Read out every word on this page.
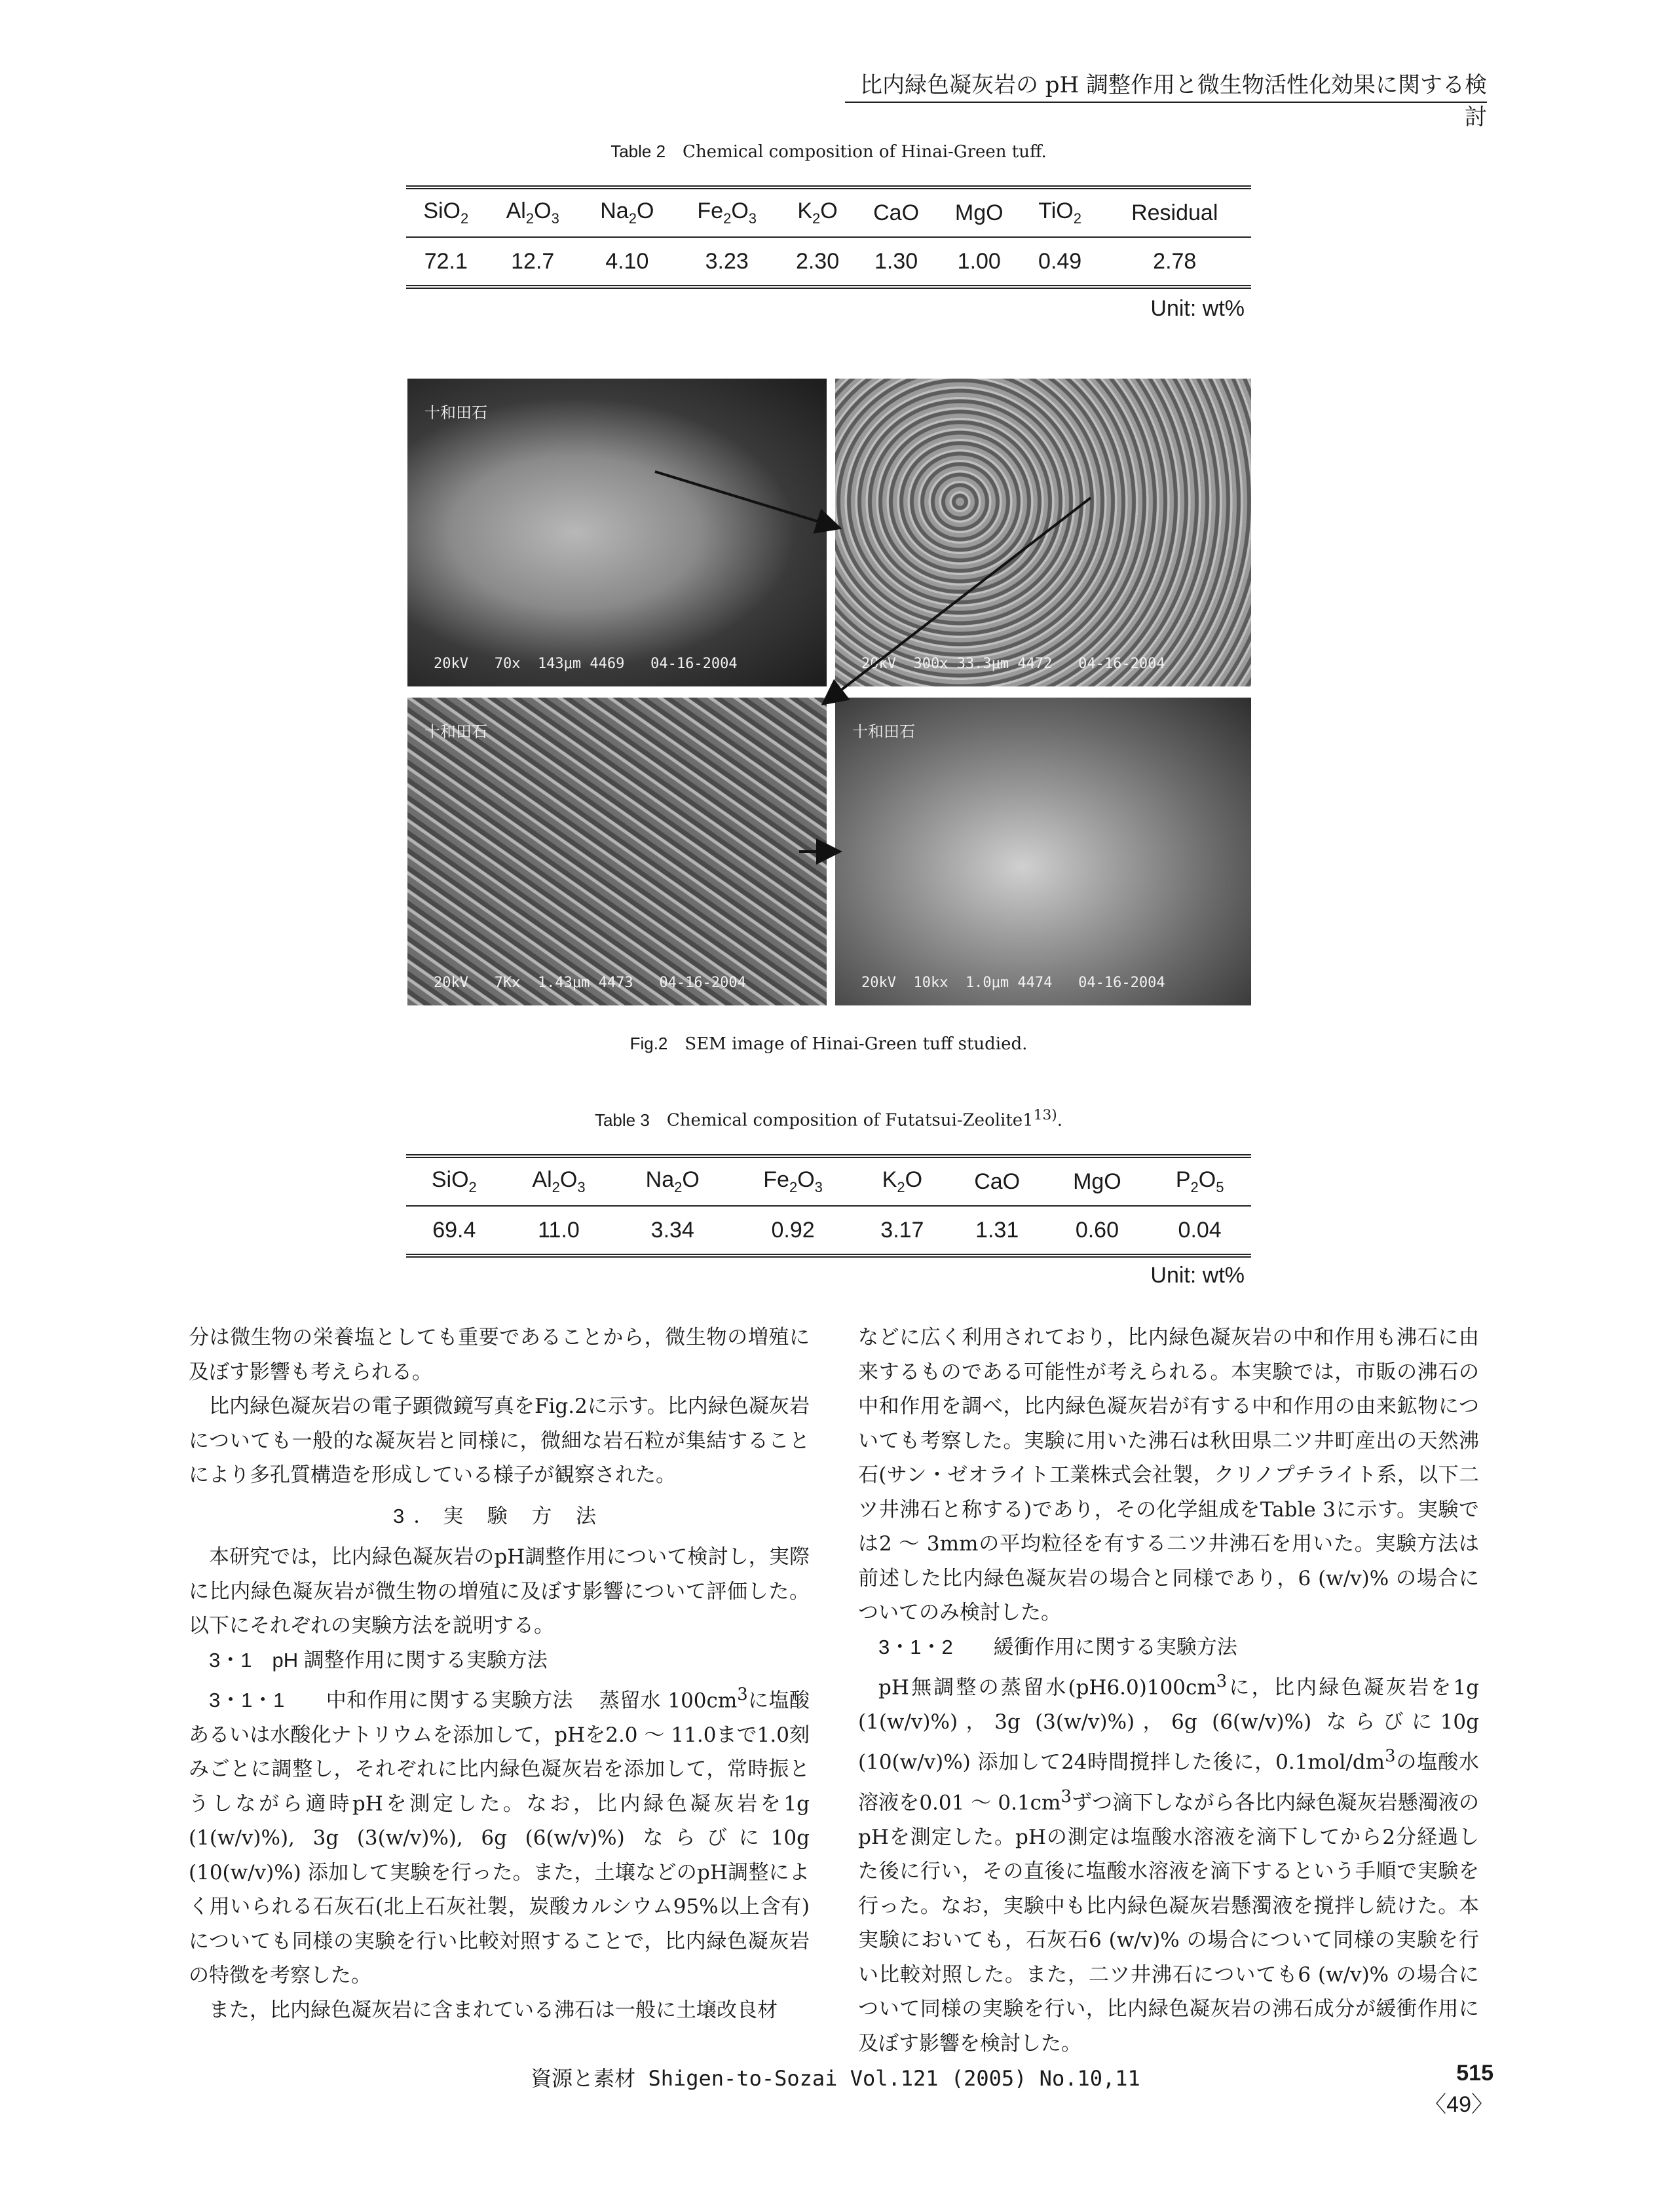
比内緑色凝灰岩の pH 調整作用と微生物活性化効果に関する検討
Table 2 Chemical composition of Hinai-Green tuff.
SiO$_2$	$Al_2O_3$	$Na_2O$	$Fe_2O_3$	$K_2O$	CaO	MgO	TiO$_2$	Residual
72.1	12.7	4.10	3.23	2.30	1.30	1.00	0.49	2.78
Unit: wt%
十和田石
20kV   70x  143μm 4469   04-16-2004	20kV  300x 33.3μm 4472   04-16-2004
十和田石
20kV   7Kx  1.43μm 4473   04-16-2004
十和田石
20kV  10kx  1.0μm 4474   04-16-2004
Fig.2 SEM image of Hinai-Green tuff studied.
Table 3 Chemical composition of Futatsui-Zeolite1$^{13)}$.
SiO$_2$	$Al_2O_3$	$Na_2O$	$Fe_2O_3$	$K_2O$	CaO	MgO	$P_2O_5$
69.4	11.0	3.34	0.92	3.17	1.31	0.60	0.04
Unit: wt%

分は微生物の栄養塩としても重要であることから，微生物の増殖に及ぼす影響も考えられる。

比内緑色凝灰岩の電子顕微鏡写真をFig.2に示す。比内緑色凝灰岩についても一般的な凝灰岩と同様に，微細な岩石粒が集結することにより多孔質構造を形成している様子が観察された。

3．実 験 方 法

本研究では，比内緑色凝灰岩のpH調整作用について検討し，実際に比内緑色凝灰岩が微生物の増殖に及ぼす影響について評価した。以下にそれぞれの実験方法を説明する。

3・1　pH 調整作用に関する実験方法

3・1・1　　中和作用に関する実験方法 蒸留水 $100cm^3$に塩酸あるいは水酸化ナトリウムを添加して，pHを2.0 〜 11.0まで1.0刻みごとに調整し，それぞれに比内緑色凝灰岩を添加して，常時振とうしながら適時pHを測定した。なお，比内緑色凝灰岩を1g (1(w/v)%), 3g (3(w/v)%), 6g (6(w/v)%) ならびに10g (10(w/v)%) 添加して実験を行った。また，土壌などのpH調整によく用いられる石灰石(北上石灰社製，炭酸カルシウム95%以上含有)についても同様の実験を行い比較対照することで，比内緑色凝灰岩の特徴を考察した。

また，比内緑色凝灰岩に含まれている沸石は一般に土壌改良材

などに広く利用されており，比内緑色凝灰岩の中和作用も沸石に由来するものである可能性が考えられる。本実験では，市販の沸石の中和作用を調べ，比内緑色凝灰岩が有する中和作用の由来鉱物についても考察した。実験に用いた沸石は秋田県二ツ井町産出の天然沸石(サン・ゼオライト工業株式会社製，クリノプチライト系，以下二ツ井沸石と称する)であり，その化学組成をTable 3に示す。実験では2 〜 3mmの平均粒径を有する二ツ井沸石を用いた。実験方法は前述した比内緑色凝灰岩の場合と同様であり，6 (w/v)% の場合についてのみ検討した。

3・1・2　　緩衝作用に関する実験方法

pH無調整の蒸留水$(pH6.0)100cm^3$に，比内緑色凝灰岩を1g (1(w/v)%)，3g (3(w/v)%)，6g (6(w/v)%) ならびに10g (10(w/v)%) 添加して24時間撹拌した後に，$0.1mol/dm^3$の塩酸水溶液を0.01 〜 $0.1cm^3$ずつ滴下しながら各比内緑色凝灰岩懸濁液のpHを測定した。pHの測定は塩酸水溶液を滴下してから2分経過した後に行い，その直後に塩酸水溶液を滴下するという手順で実験を行った。なお，実験中も比内緑色凝灰岩懸濁液を撹拌し続けた。本実験においても，石灰石6 (w/v)% の場合について同様の実験を行い比較対照した。また，二ツ井沸石についても6 (w/v)% の場合について同様の実験を行い，比内緑色凝灰岩の沸石成分が緩衝作用に及ぼす影響を検討した。

資源と素材 Shigen-to-Sozai Vol.121 (2005) No.10,11	515〈49〉
